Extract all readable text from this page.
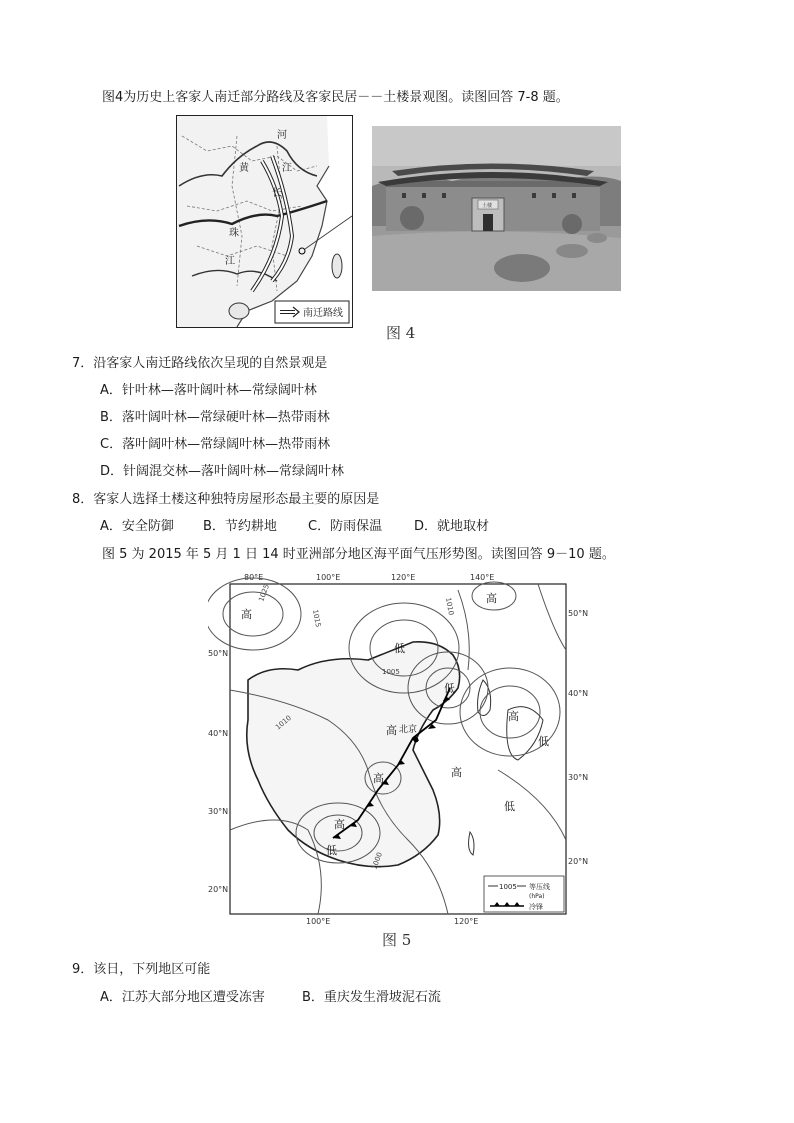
图4为历史上客家人南迁部分路线及客家民居－－土楼景观图。读图回答 7-8 题。
河
黄	江
长
珠
江
南迁路线
土楼
图 4
7．沿客家人南迁路线依次呈现的自然景观是
A．针叶林—落叶阔叶林—常绿阔叶林
B．落叶阔叶林—常绿硬叶林—热带雨林
C．落叶阔叶林—常绿阔叶林—热带雨林
D．针阔混交林—落叶阔叶林—常绿阔叶林
8．客家人选择土楼这种独特房屋形态最主要的原因是
A．安全防御 B．节约耕地 C．防雨保温 D．就地取材
图 5 为 2015 年 5 月 1 日 14 时亚洲部分地区海平面气压形势图。读图回答 9－10 题。
80°E	100°E	120°E	140°E
100°E	120°E
50°N
40°N
30°N
20°N
50°N
40°N
30°N
20°N
高
低
高
低
高
低
高
高	高
低
高
低
北京
1025
1015
1010
1005
1010
1000
1005 等压线
(hPa)
冷锋
图 5
9．该日，下列地区可能
A．江苏大部分地区遭受冻害	B．重庆发生滑坡泥石流
